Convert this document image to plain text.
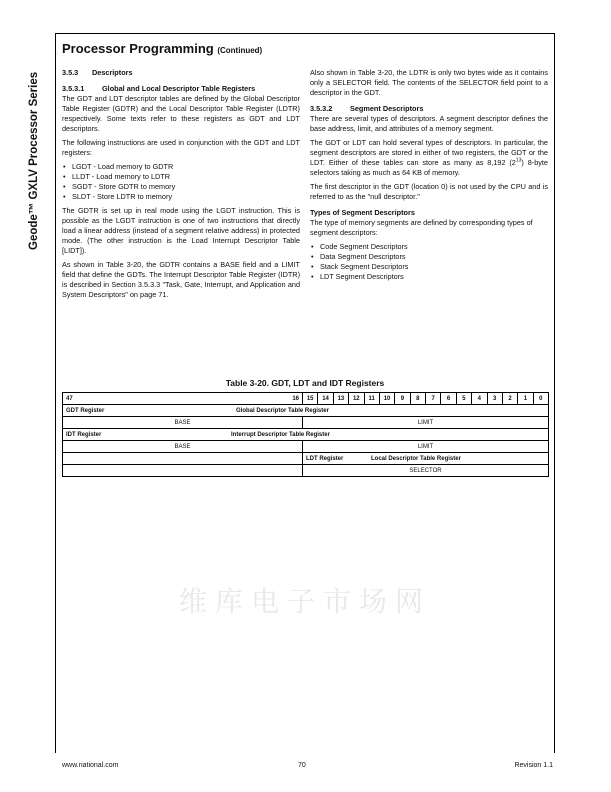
Geode™ GXLV Processor Series
Processor Programming (Continued)
3.5.3 Descriptors
3.5.3.1 Global and Local Descriptor Table Registers

The GDT and LDT descriptor tables are defined by the Global Descriptor Table Register (GDTR) and the Local Descriptor Table Register (LDTR) respectively. Some texts refer to these registers as GDT and LDT descriptors.

The following instructions are used in conjunction with the GDT and LDT registers:

• LGDT - Load memory to GDTR
• LLDT - Load memory to LDTR
• SGDT - Store GDTR to memory
• SLDT - Store LDTR to memory

The GDTR is set up in real mode using the LGDT instruction. This is possible as the LGDT instruction is one of two instructions that directly load a linear address (instead of a segment relative address) in protected mode. (The other instruction is the Load Interrupt Descriptor Table [LIDT]).

As shown in Table 3-20, the GDTR contains a BASE field and a LIMIT field that define the GDTs. The Interrupt Descriptor Table Register (IDTR) is described in Section 3.5.3.3 "Task, Gate, Interrupt, and Application and System Descriptors" on page 71.

Also shown in Table 3-20, the LDTR is only two bytes wide as it contains only a SELECTOR field. The contents of the SELECTOR field point to a descriptor in the GDT.

3.5.3.2 Segment Descriptors

There are several types of descriptors. A segment descriptor defines the base address, limit, and attributes of a memory segment.

The GDT or LDT can hold several types of descriptors. In particular, the segment descriptors are stored in either of two registers, the GDT or the LDT. Either of these tables can store as many as 8,192 $(2^{13})$ 8-byte selectors taking as much as 64 KB of memory.

The first descriptor in the GDT (location 0) is not used by the CPU and is referred to as the "null descriptor."

Types of Segment Descriptors

The type of memory segments are defined by corresponding types of segment descriptors:

• Code Segment Descriptors
• Data Segment Descriptors
• Stack Segment Descriptors
• LDT Segment Descriptors
维库电子市场网
Table 3-20. GDT, LDT and IDT Registers
47 16	15	14	13	12	11	10	9	8	7	6	5	4	3	2	1	0
GDT Register Global Descriptor Table Register																
BASE	LIMIT															
IDT Register Interrupt Descriptor Table Register																
BASE	LIMIT															
	LDT Register Local Descriptor Table Register															
	SELECTOR															
www.national.com	70	Revision 1.1
